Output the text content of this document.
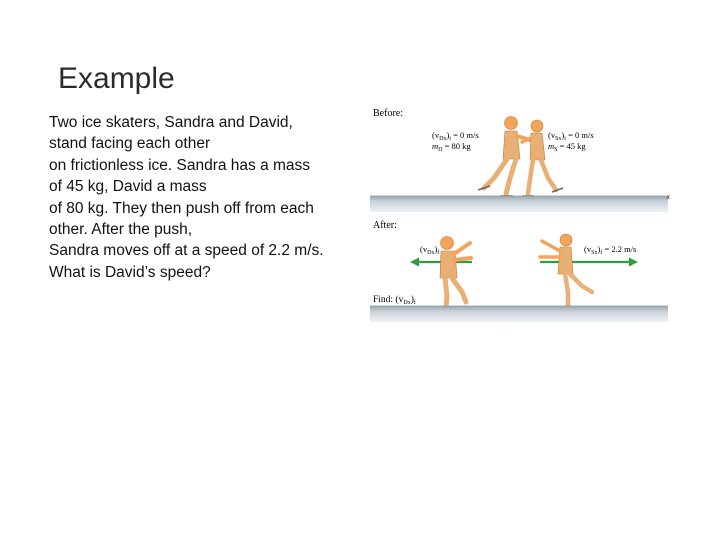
Example
Two ice skaters, Sandra and David,
stand facing each other
on frictionless ice. Sandra has a mass
of 45 kg, David a mass
of 80 kg. They then push off from each
other. After the push,
Sandra moves off at a speed of 2.2 m/s.
What is David’s speed?
Before:
$(v_{Dx})_i = 0$ m/s
$m_D = 80$ kg
$(v_{Sx})_i = 0$ m/s
$m_S = 45$ kg
x
After:
$(v_{Dx})_f$	$(v_{Sx})_f = 2.2$ m/s
Find: $(v_{Dx})_f$
